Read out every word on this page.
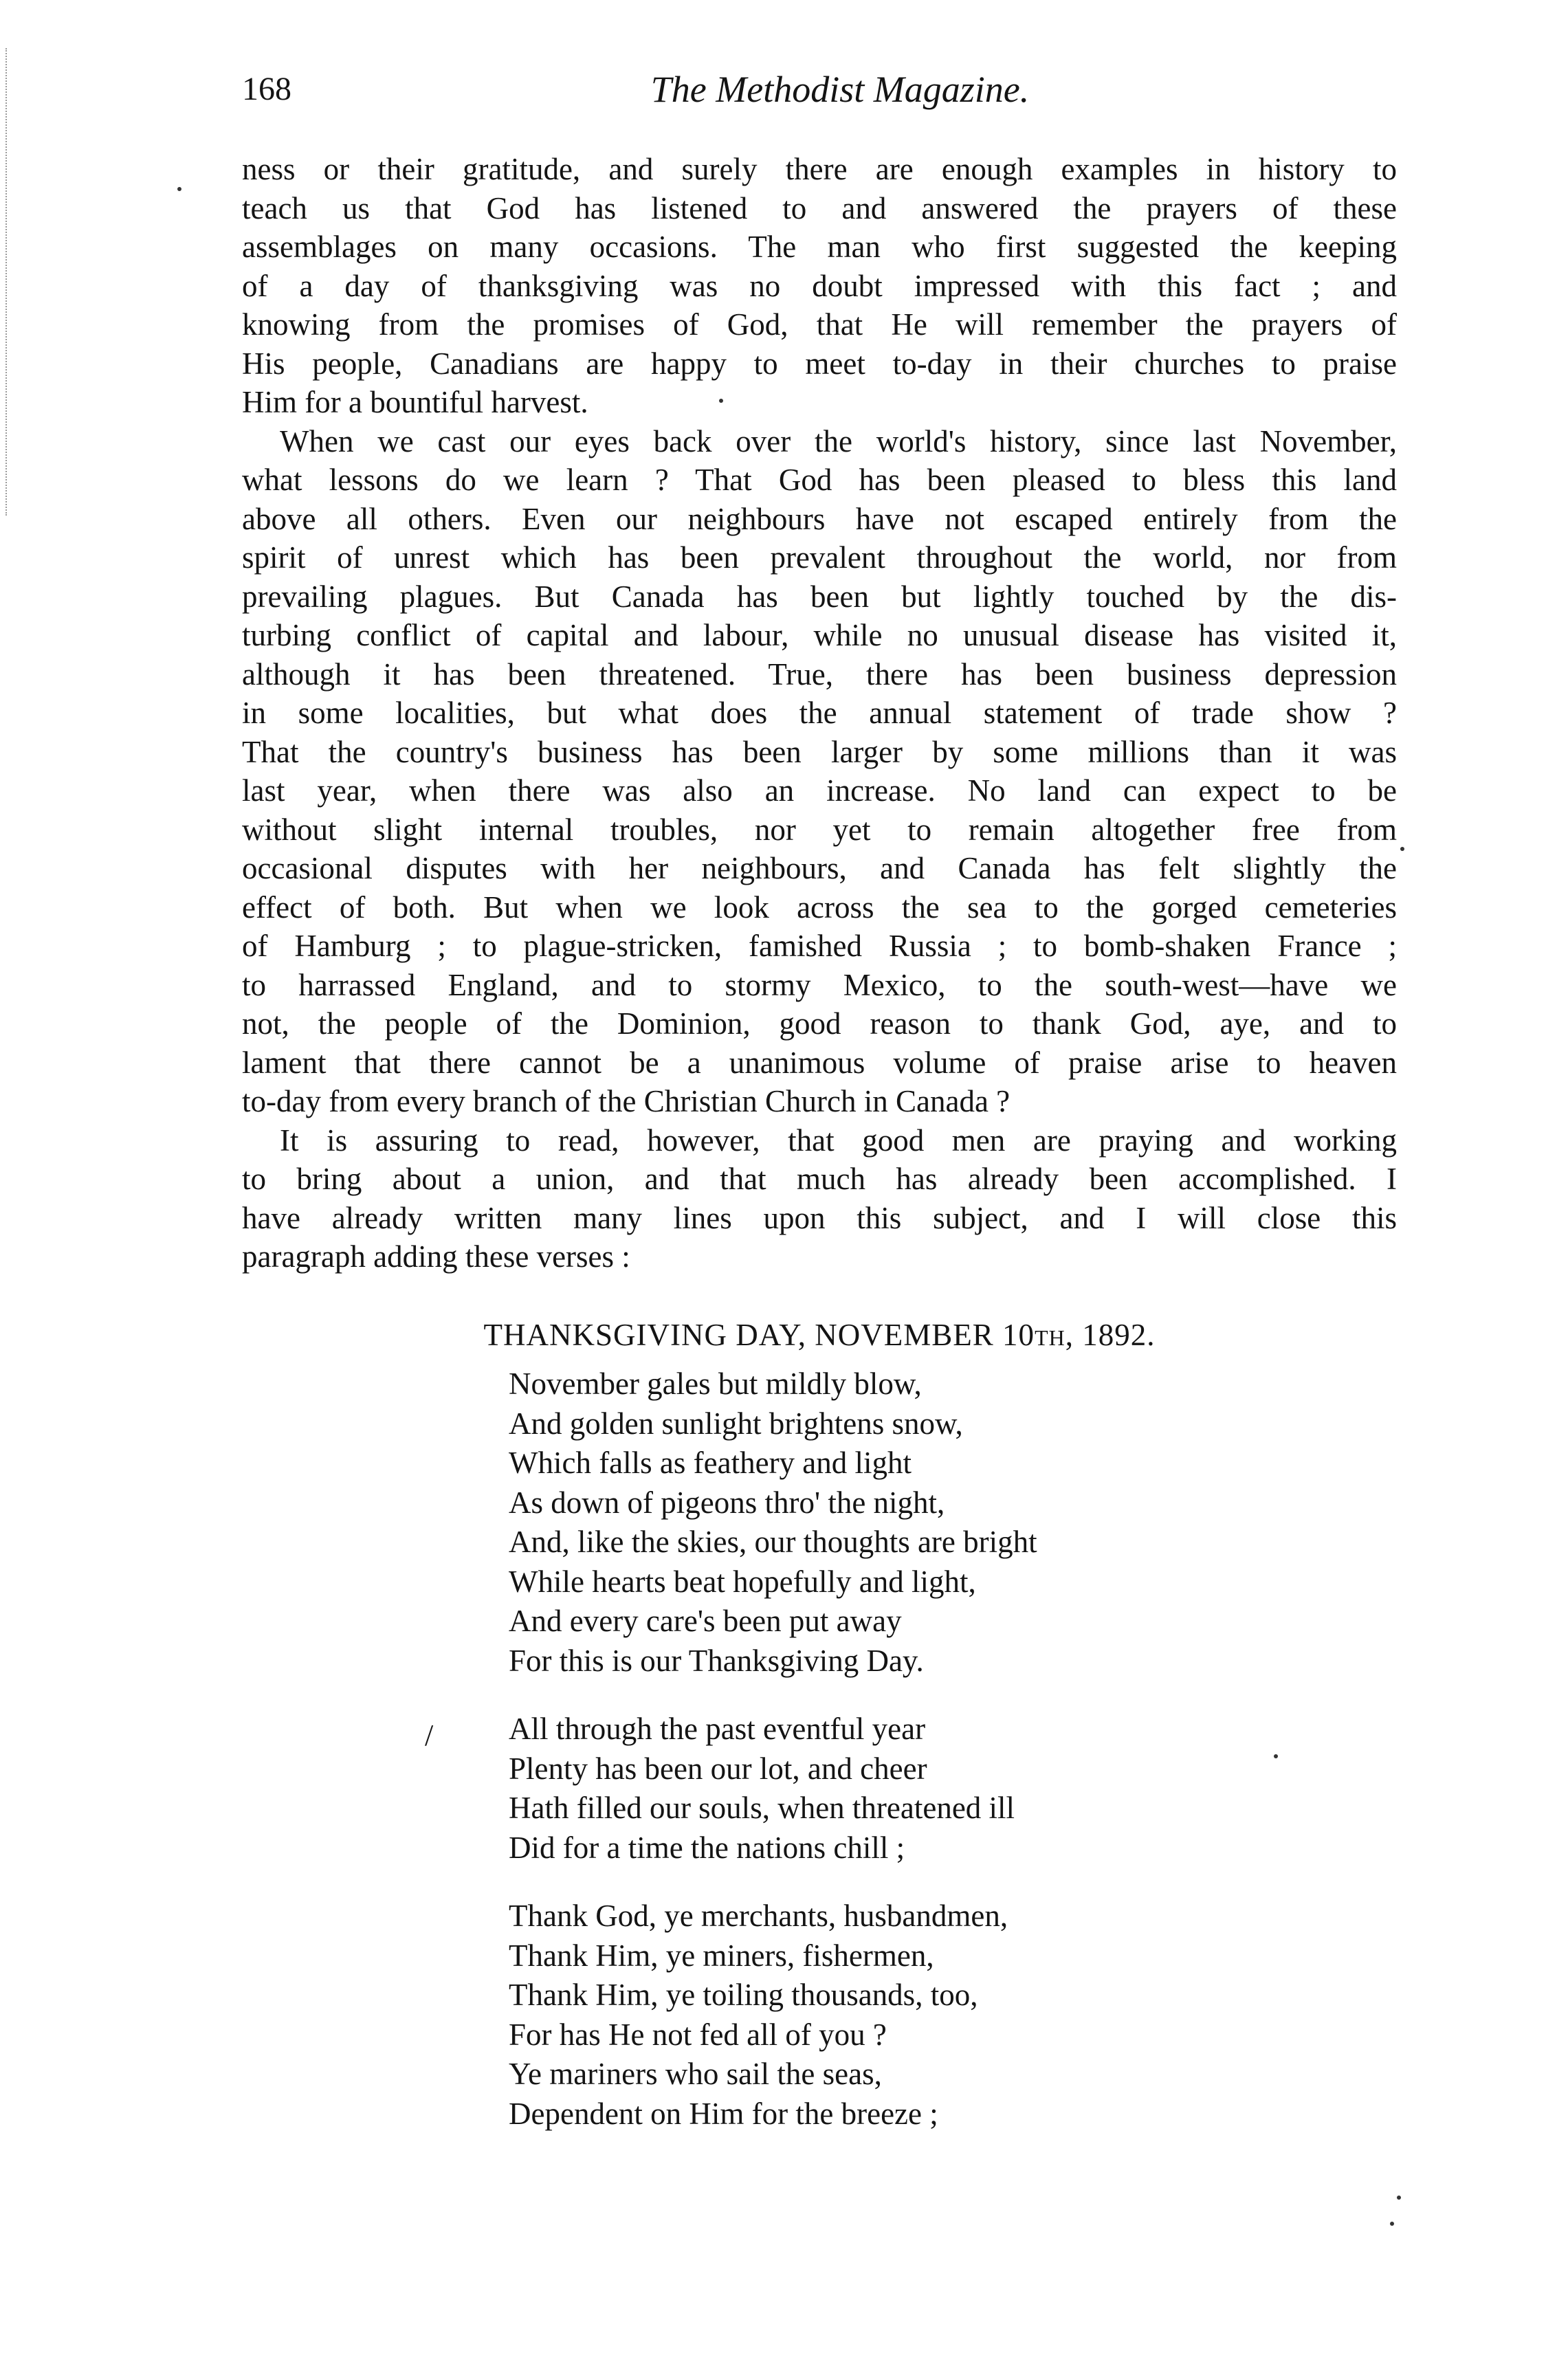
168	The Methodist Magazine.

ness or their gratitude, and surely there are enough examples in history to
teach us that God has listened to and answered the prayers of these
assemblages on many occasions. The man who first suggested the keeping
of a day of thanksgiving was no doubt impressed with this fact ; and
knowing from the promises of God, that He will remember the prayers of
His people, Canadians are happy to meet to-day in their churches to praise
Him for a bountiful harvest.

When we cast our eyes back over the world's history, since last November,
what lessons do we learn ? That God has been pleased to bless this land
above all others. Even our neighbours have not escaped entirely from the
spirit of unrest which has been prevalent throughout the world, nor from
prevailing plagues. But Canada has been but lightly touched by the dis-
turbing conflict of capital and labour, while no unusual disease has visited it,
although it has been threatened. True, there has been business depression
in some localities, but what does the annual statement of trade show ?
That the country's business has been larger by some millions than it was
last year, when there was also an increase. No land can expect to be
without slight internal troubles, nor yet to remain altogether free from
occasional disputes with her neighbours, and Canada has felt slightly the
effect of both. But when we look across the sea to the gorged cemeteries
of Hamburg ; to plague-stricken, famished Russia ; to bomb-shaken France ;
to harrassed England, and to stormy Mexico, to the south-west—have we
not, the people of the Dominion, good reason to thank God, aye, and to
lament that there cannot be a unanimous volume of praise arise to heaven
to-day from every branch of the Christian Church in Canada ?

It is assuring to read, however, that good men are praying and working
to bring about a union, and that much has already been accomplished. I
have already written many lines upon this subject, and I will close this
paragraph adding these verses :

THANKSGIVING DAY, NOVEMBER 10TH, 1892.
November gales but mildly blow,
And golden sunlight brightens snow,
Which falls as feathery and light
As down of pigeons thro' the night,
And, like the skies, our thoughts are bright
While hearts beat hopefully and light,
And every care's been put away
For this is our Thanksgiving Day.
All through the past eventful year
Plenty has been our lot, and cheer
Hath filled our souls, when threatened ill
Did for a time the nations chill ;
Thank God, ye merchants, husbandmen,
Thank Him, ye miners, fishermen,
Thank Him, ye toiling thousands, too,
For has He not fed all of you ?
Ye mariners who sail the seas,
Dependent on Him for the breeze ;
/
